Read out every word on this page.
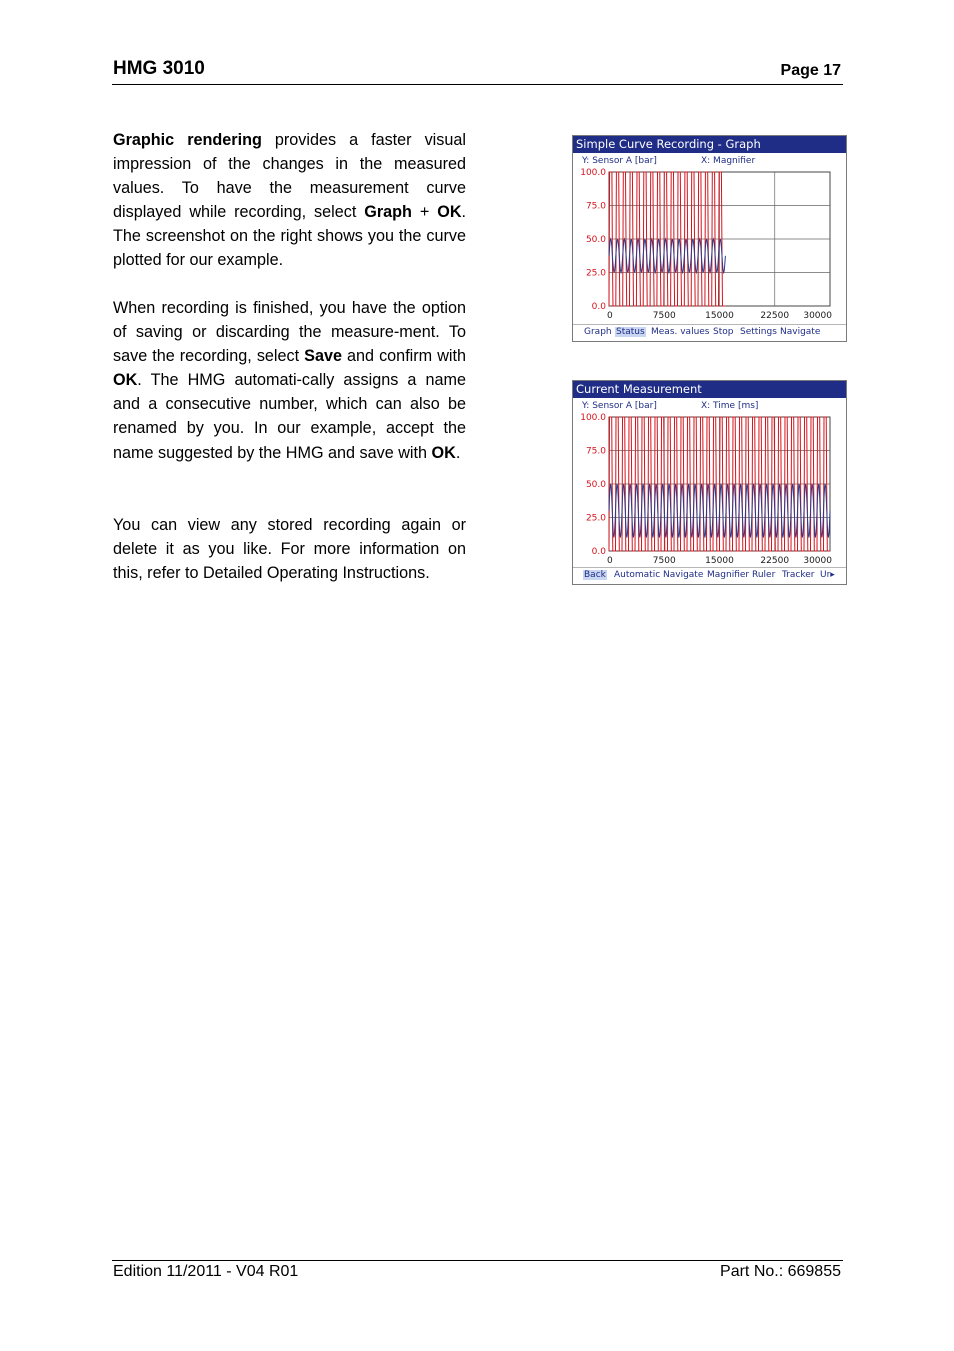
HMG 3010	Page 17

Graphic rendering provides a faster visual impression of the changes in the measured values. To have the measurement curve displayed while recording, select Graph + OK. The screenshot on the right shows you the curve plotted for our example.

When recording is finished, you have the option of saving or discarding the measure-ment. To save the recording, select Save and confirm with OK. The HMG automati-cally assigns a name and a consecutive number, which can also be renamed by you. In our example, accept the name suggested by the HMG and save with OK.

You can view any stored recording again or delete it as you like. For more information on this, refer to Detailed Operating Instructions.

Simple Curve Recording - Graph
Y: Sensor A [bar]	X: Magnifier
100.0
75.0
50.0
25.0
0.0
0	7500	15000	22500 30000
Graph Status Meas. values Stop Settings Navigate
Current Measurement
Y: Sensor A [bar]	X: Time [ms]
100.0
75.0
50.0
25.0
0.0
0	7500	15000	22500 30000
Back Automatic Navigate Magnifier Ruler Tracker Ur▸
Edition 11/2011 - V04 R01	Part No.: 669855
